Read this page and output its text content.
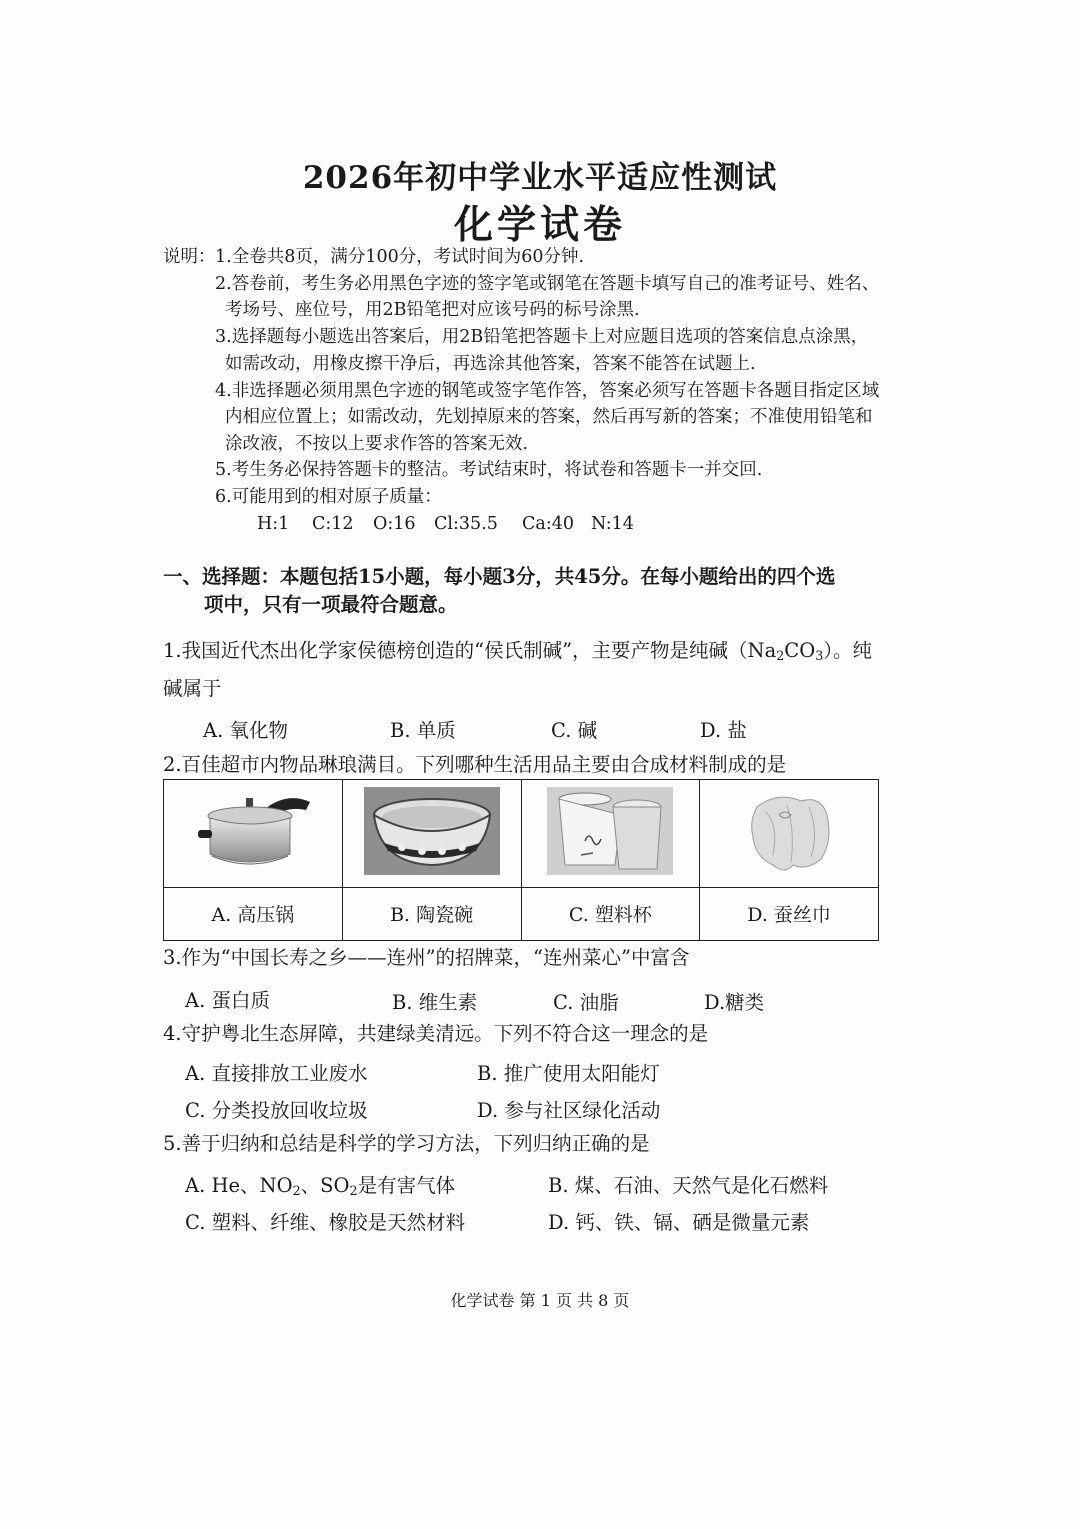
2026年初中学业水平适应性测试
化学试卷
说明： 1.全卷共8页，满分100分，考试时间为60分钟.
2.答卷前，考生务必用黑色字迹的签字笔或钢笔在答题卡填写自己的准考证号、姓名、
考场号、座位号，用2B铅笔把对应该号码的标号涂黑.
3.选择题每小题选出答案后，用2B铅笔把答题卡上对应题目选项的答案信息点涂黑，
如需改动，用橡皮擦干净后，再选涂其他答案，答案不能答在试题上.
4.非选择题必须用黑色字迹的钢笔或签字笔作答，答案必须写在答题卡各题目指定区域
内相应位置上；如需改动，先划掉原来的答案，然后再写新的答案；不准使用铅笔和
涂改液，不按以上要求作答的答案无效.
5.考生务必保持答题卡的整洁。考试结束时，将试卷和答题卡一并交回.
6.可能用到的相对原子质量：
H:1 C:12 O:16 Cl:35.5 Ca:40 N:14
一、选择题：本题包括15小题，每小题3分，共45分。在每小题给出的四个选
项中，只有一项最符合题意。
1.我国近代杰出化学家侯德榜创造的“侯氏制碱”，主要产物是纯碱$(Na_2CO_3)$。纯
碱属于
A. 氧化物	B. 单质	C. 碱	D. 盐
2.百佳超市内物品琳琅满目。下列哪种生活用品主要由合成材料制成的是

A. 高压锅	B. 陶瓷碗	C. 塑料杯	D. 蚕丝巾
3.作为“中国长寿之乡——连州”的招牌菜，“连州菜心”中富含
A. 蛋白质	B. 维生素	C. 油脂	D.糖类
4.守护粤北生态屏障，共建绿美清远。下列不符合这一理念的是
A. 直接排放工业废水	B. 推广使用太阳能灯
C. 分类投放回收垃圾	D. 参与社区绿化活动
5.善于归纳和总结是科学的学习方法，下列归纳正确的是
A. He、$NO_2$、$SO_2$是有害气体	B. 煤、石油、天然气是化石燃料
C. 塑料、纤维、橡胶是天然材料	D. 钙、铁、镉、硒是微量元素
化学试卷 第 1 页 共 8 页
